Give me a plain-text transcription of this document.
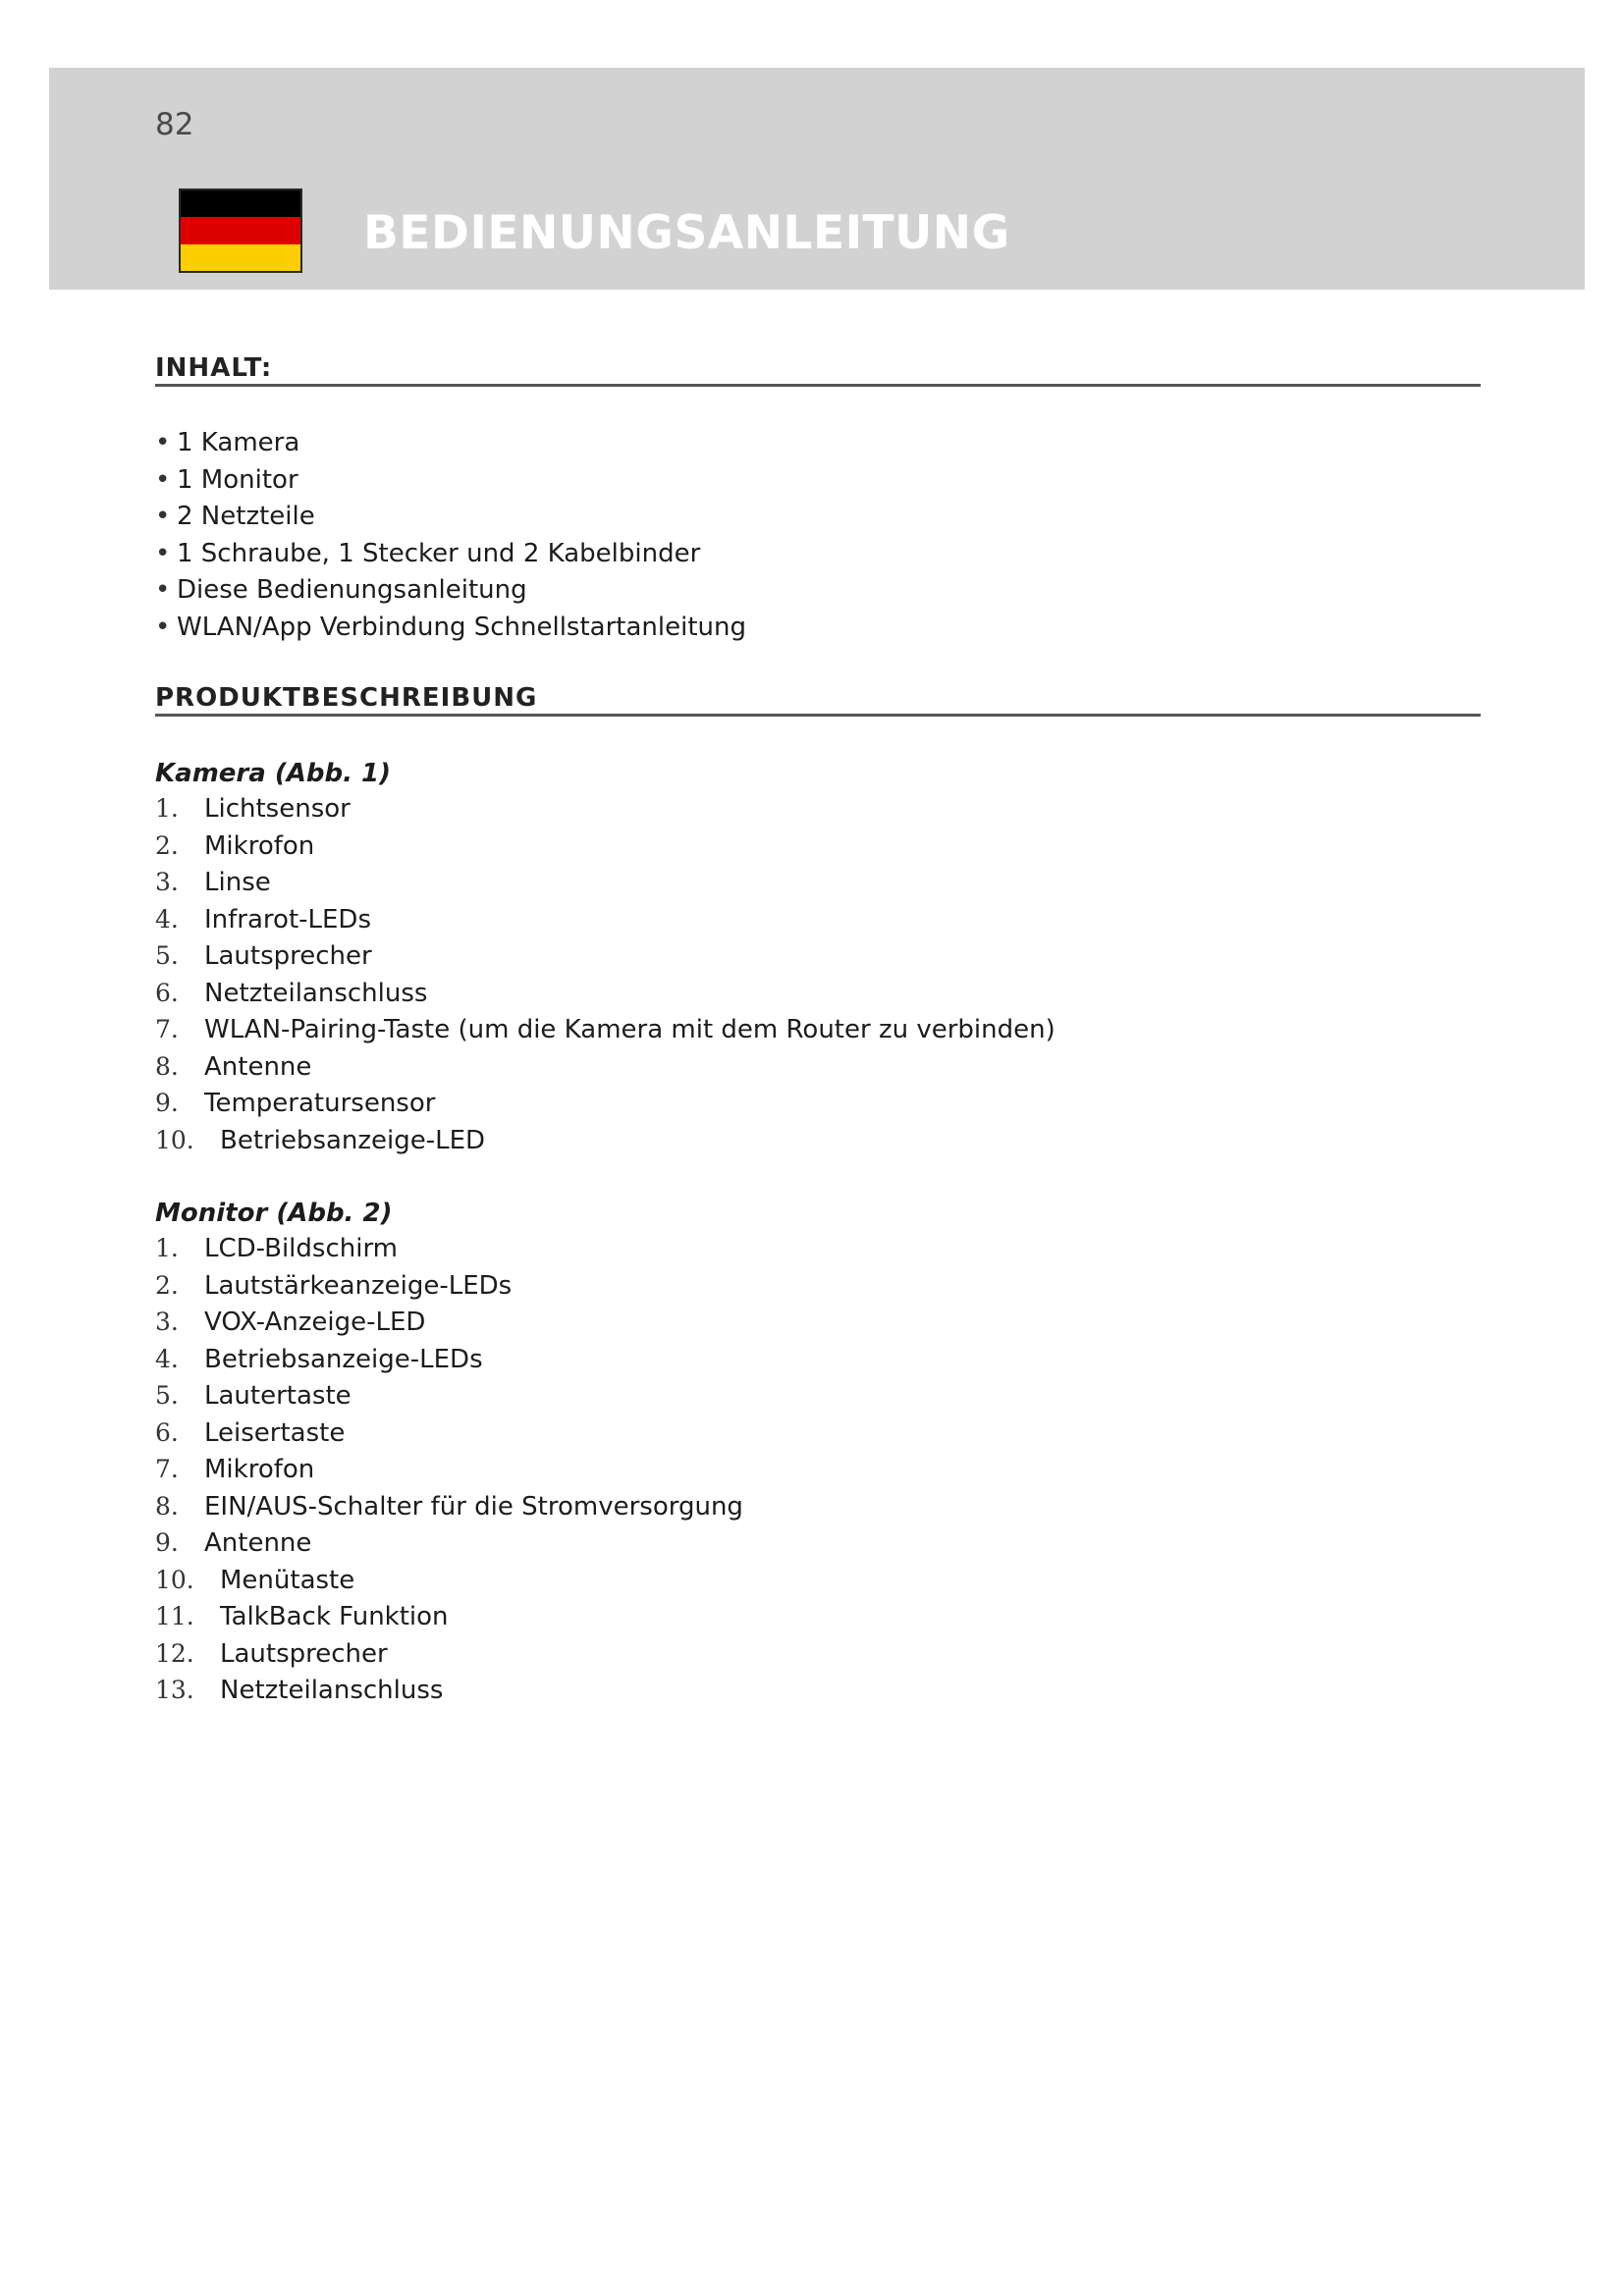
82
BEDIENUNGSANLEITUNG
INHALT:
• 1 Kamera
• 1 Monitor
• 2 Netzteile
• 1 Schraube, 1 Stecker und 2 Kabelbinder
• Diese Bedienungsanleitung
• WLAN/App Verbindung Schnellstartanleitung
PRODUKTBESCHREIBUNG
Kamera (Abb. 1)
1. Lichtsensor
2. Mikrofon
3. Linse
4. Infrarot-LEDs
5. Lautsprecher
6. Netzteilanschluss
7. WLAN-Pairing-Taste (um die Kamera mit dem Router zu verbinden)
8. Antenne
9. Temperatursensor
10. Betriebsanzeige-LED
Monitor (Abb. 2)
1. LCD-Bildschirm
2. Lautstärkeanzeige-LEDs
3. VOX-Anzeige-LED
4. Betriebsanzeige-LEDs
5. Lautertaste
6. Leisertaste
7. Mikrofon
8. EIN/AUS-Schalter für die Stromversorgung
9. Antenne
10. Menütaste
11. TalkBack Funktion
12. Lautsprecher
13. Netzteilanschluss
